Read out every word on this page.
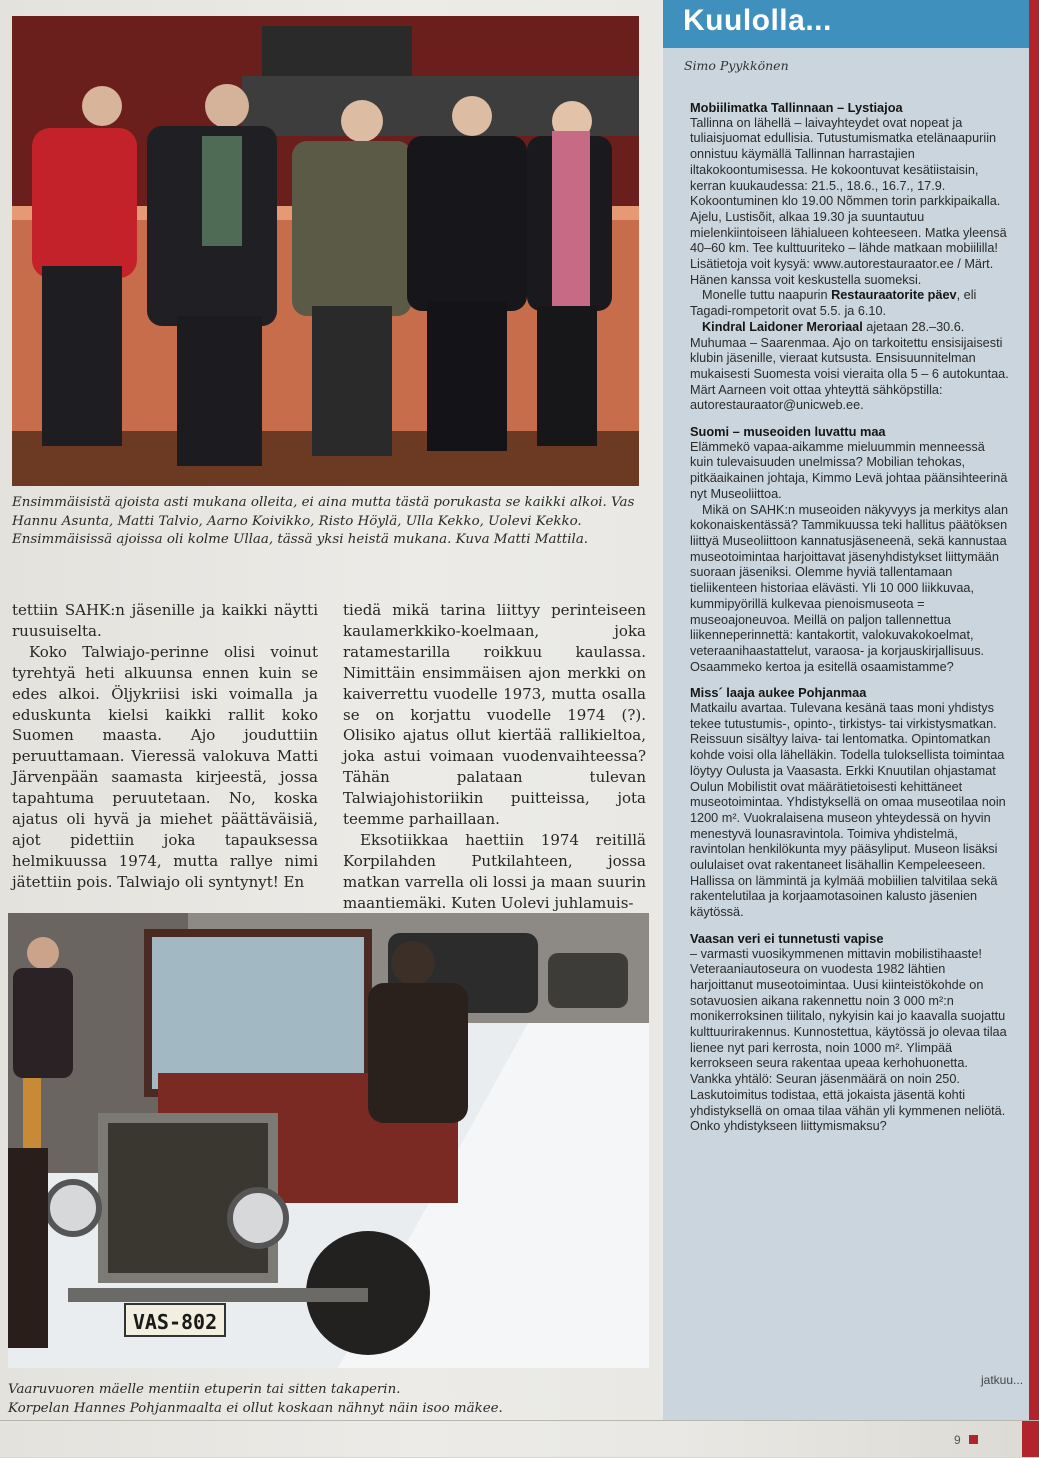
Ensimmäisistä ajoista asti mukana olleita, ei aina mutta tästä porukasta se kaikki alkoi. Vas Hannu Asunta, Matti Talvio, Aarno Koivikko, Risto Höylä, Ulla Kekko, Uolevi Kekko. Ensimmäisissä ajoissa oli kolme Ullaa, tässä yksi heistä mukana. Kuva Matti Mattila.

tettiin SAHK:n jäsenille ja kaikki näytti ruusuiselta.

Koko Talwiajo-perinne olisi voinut tyrehtyä heti alkuunsa ennen kuin se edes alkoi. Öljykriisi iski voimalla ja eduskunta kielsi kaikki rallit koko Suomen maasta. Ajo jouduttiin peruuttamaan. Vieressä valokuva Matti Järvenpään saamasta kirjeestä, jossa tapahtuma peruutetaan. No, koska ajatus oli hyvä ja miehet päättäväisiä, ajot pidettiin joka tapauksessa helmikuussa 1974, mutta rallye nimi jätettiin pois. Talwiajo oli syntynyt! En

tiedä mikä tarina liittyy perinteiseen kaulamerkkiko-koelmaan, joka ratamestarilla roikkuu kaulassa. Nimittäin ensimmäisen ajon merkki on kaiverrettu vuodelle 1973, mutta osalla se on korjattu vuodelle 1974 (?). Olisiko ajatus ollut kiertää rallikieltoa, joka astui voimaan vuodenvaihteessa? Tähän palataan tulevan Talwiajohistoriikin puitteissa, jota teemme parhaillaan.

Eksotiikkaa haettiin 1974 reitillä Korpilahden Putkilahteen, jossa matkan varrella oli lossi ja maan suurin maantiemäki. Kuten Uolevi juhlamuis-

VAS-802
Vaaruvuoren mäelle mentiin etuperin tai sitten takaperin.
Korpelan Hannes Pohjanmaalta ei ollut koskaan nähnyt näin isoo mäkee.
Kuulolla...
Simo Pyykkönen
Mobiilimatka Tallinnaan – Lystiajoa

Tallinna on lähellä – laivayhteydet ovat nopeat ja tuliaisjuomat edullisia. Tutustumismatka etelänaapuriin onnistuu käymällä Tallinnan harrastajien iltakokoontumisessa. He kokoontuvat kesätiistaisin, kerran kuukaudessa: 21.5., 18.6., 16.7., 17.9. Kokoontuminen klo 19.00 Nõmmen torin parkkipaikalla. Ajelu, Lustisõit, alkaa 19.30 ja suuntautuu mielenkiintoiseen lähialueen kohteeseen. Matka yleensä 40–60 km. Tee kulttuuriteko – lähde matkaan mobiililla! Lisätietoja voit kysyä: www.autorestauraator.ee / Märt. Hänen kanssa voit keskustella suomeksi.

Monelle tuttu naapurin Restauraatorite päev, eli Tagadi-rompetorit ovat 5.5. ja 6.10.

Kindral Laidoner Meroriaal ajetaan 28.–30.6. Muhumaa – Saarenmaa. Ajo on tarkoitettu ensisijaisesti klubin jäsenille, vieraat kutsusta. Ensisuunnitelman mukaisesti Suomesta voisi vieraita olla 5 – 6 autokuntaa. Märt Aarneen voit ottaa yhteyttä sähköpstilla: autorestauraator@unicweb.ee.

Suomi – museoiden luvattu maa

Elämmekö vapaa-aikamme mieluummin menneessä kuin tulevaisuuden unelmissa? Mobilian tehokas, pitkäaikainen johtaja, Kimmo Levä johtaa päänsihteerinä nyt Museoliittoa.

Mikä on SAHK:n museoiden näkyvyys ja merkitys alan kokonaiskentässä? Tammikuussa teki hallitus päätöksen liittyä Museoliittoon kannatusjäseneenä, sekä kannustaa museotoimintaa harjoittavat jäsenyhdistykset liittymään suoraan jäseniksi. Olemme hyviä tallentamaan tieliikenteen historiaa elävästi. Yli 10 000 liikkuvaa, kummipyörillä kulkevaa pienoismuseota = museoajoneuvoa. Meillä on paljon tallennettua liikenneperinnettä: kantakortit, valokuvakokoelmat, veteraanihaastattelut, varaosa- ja korjauskirjallisuus. Osaammeko kertoa ja esitellä osaamistamme?

Miss´ laaja aukee Pohjanmaa

Matkailu avartaa. Tulevana kesänä taas moni yhdistys tekee tutustumis-, opinto-, tirkistys- tai virkistysmatkan. Reissuun sisältyy laiva- tai lentomatka. Opintomatkan kohde voisi olla lähelläkin. Todella tuloksellista toimintaa löytyy Oulusta ja Vaasasta. Erkki Knuutilan ohjastamat Oulun Mobilistit ovat määrätietoisesti kehittäneet museotoimintaa. Yhdistyksellä on omaa museotilaa noin 1200 m². Vuokralaisena museon yhteydessä on hyvin menestyvä lounasravintola. Toimiva yhdistelmä, ravintolan henkilökunta myy pääsyliput. Museon lisäksi oululaiset ovat rakentaneet lisähallin Kempeleeseen. Hallissa on lämmintä ja kylmää mobiilien talvitilaa sekä rakentelutilaa ja korjaamotasoinen kalusto jäsenien käytössä.

Vaasan veri ei tunnetusti vapise

– varmasti vuosikymmenen mittavin mobilistihaaste!

Veteraaniautoseura on vuodesta 1982 lähtien harjoittanut museotoimintaa. Uusi kiinteistökohde on sotavuosien aikana rakennettu noin 3 000 m²:n monikerroksinen tiilitalo, nykyisin kai jo kaavalla suojattu kulttuurirakennus. Kunnostettua, käytössä jo olevaa tilaa lienee nyt pari kerrosta, noin 1000 m². Ylimpää kerrokseen seura rakentaa upeaa kerhohuonetta. Vankka yhtälö: Seuran jäsenmäärä on noin 250. Laskutoimitus todistaa, että jokaista jäsentä kohti yhdistyksellä on omaa tilaa vähän yli kymmenen neliötä. Onko yhdistykseen liittymismaksu?

jatkuu...
9
